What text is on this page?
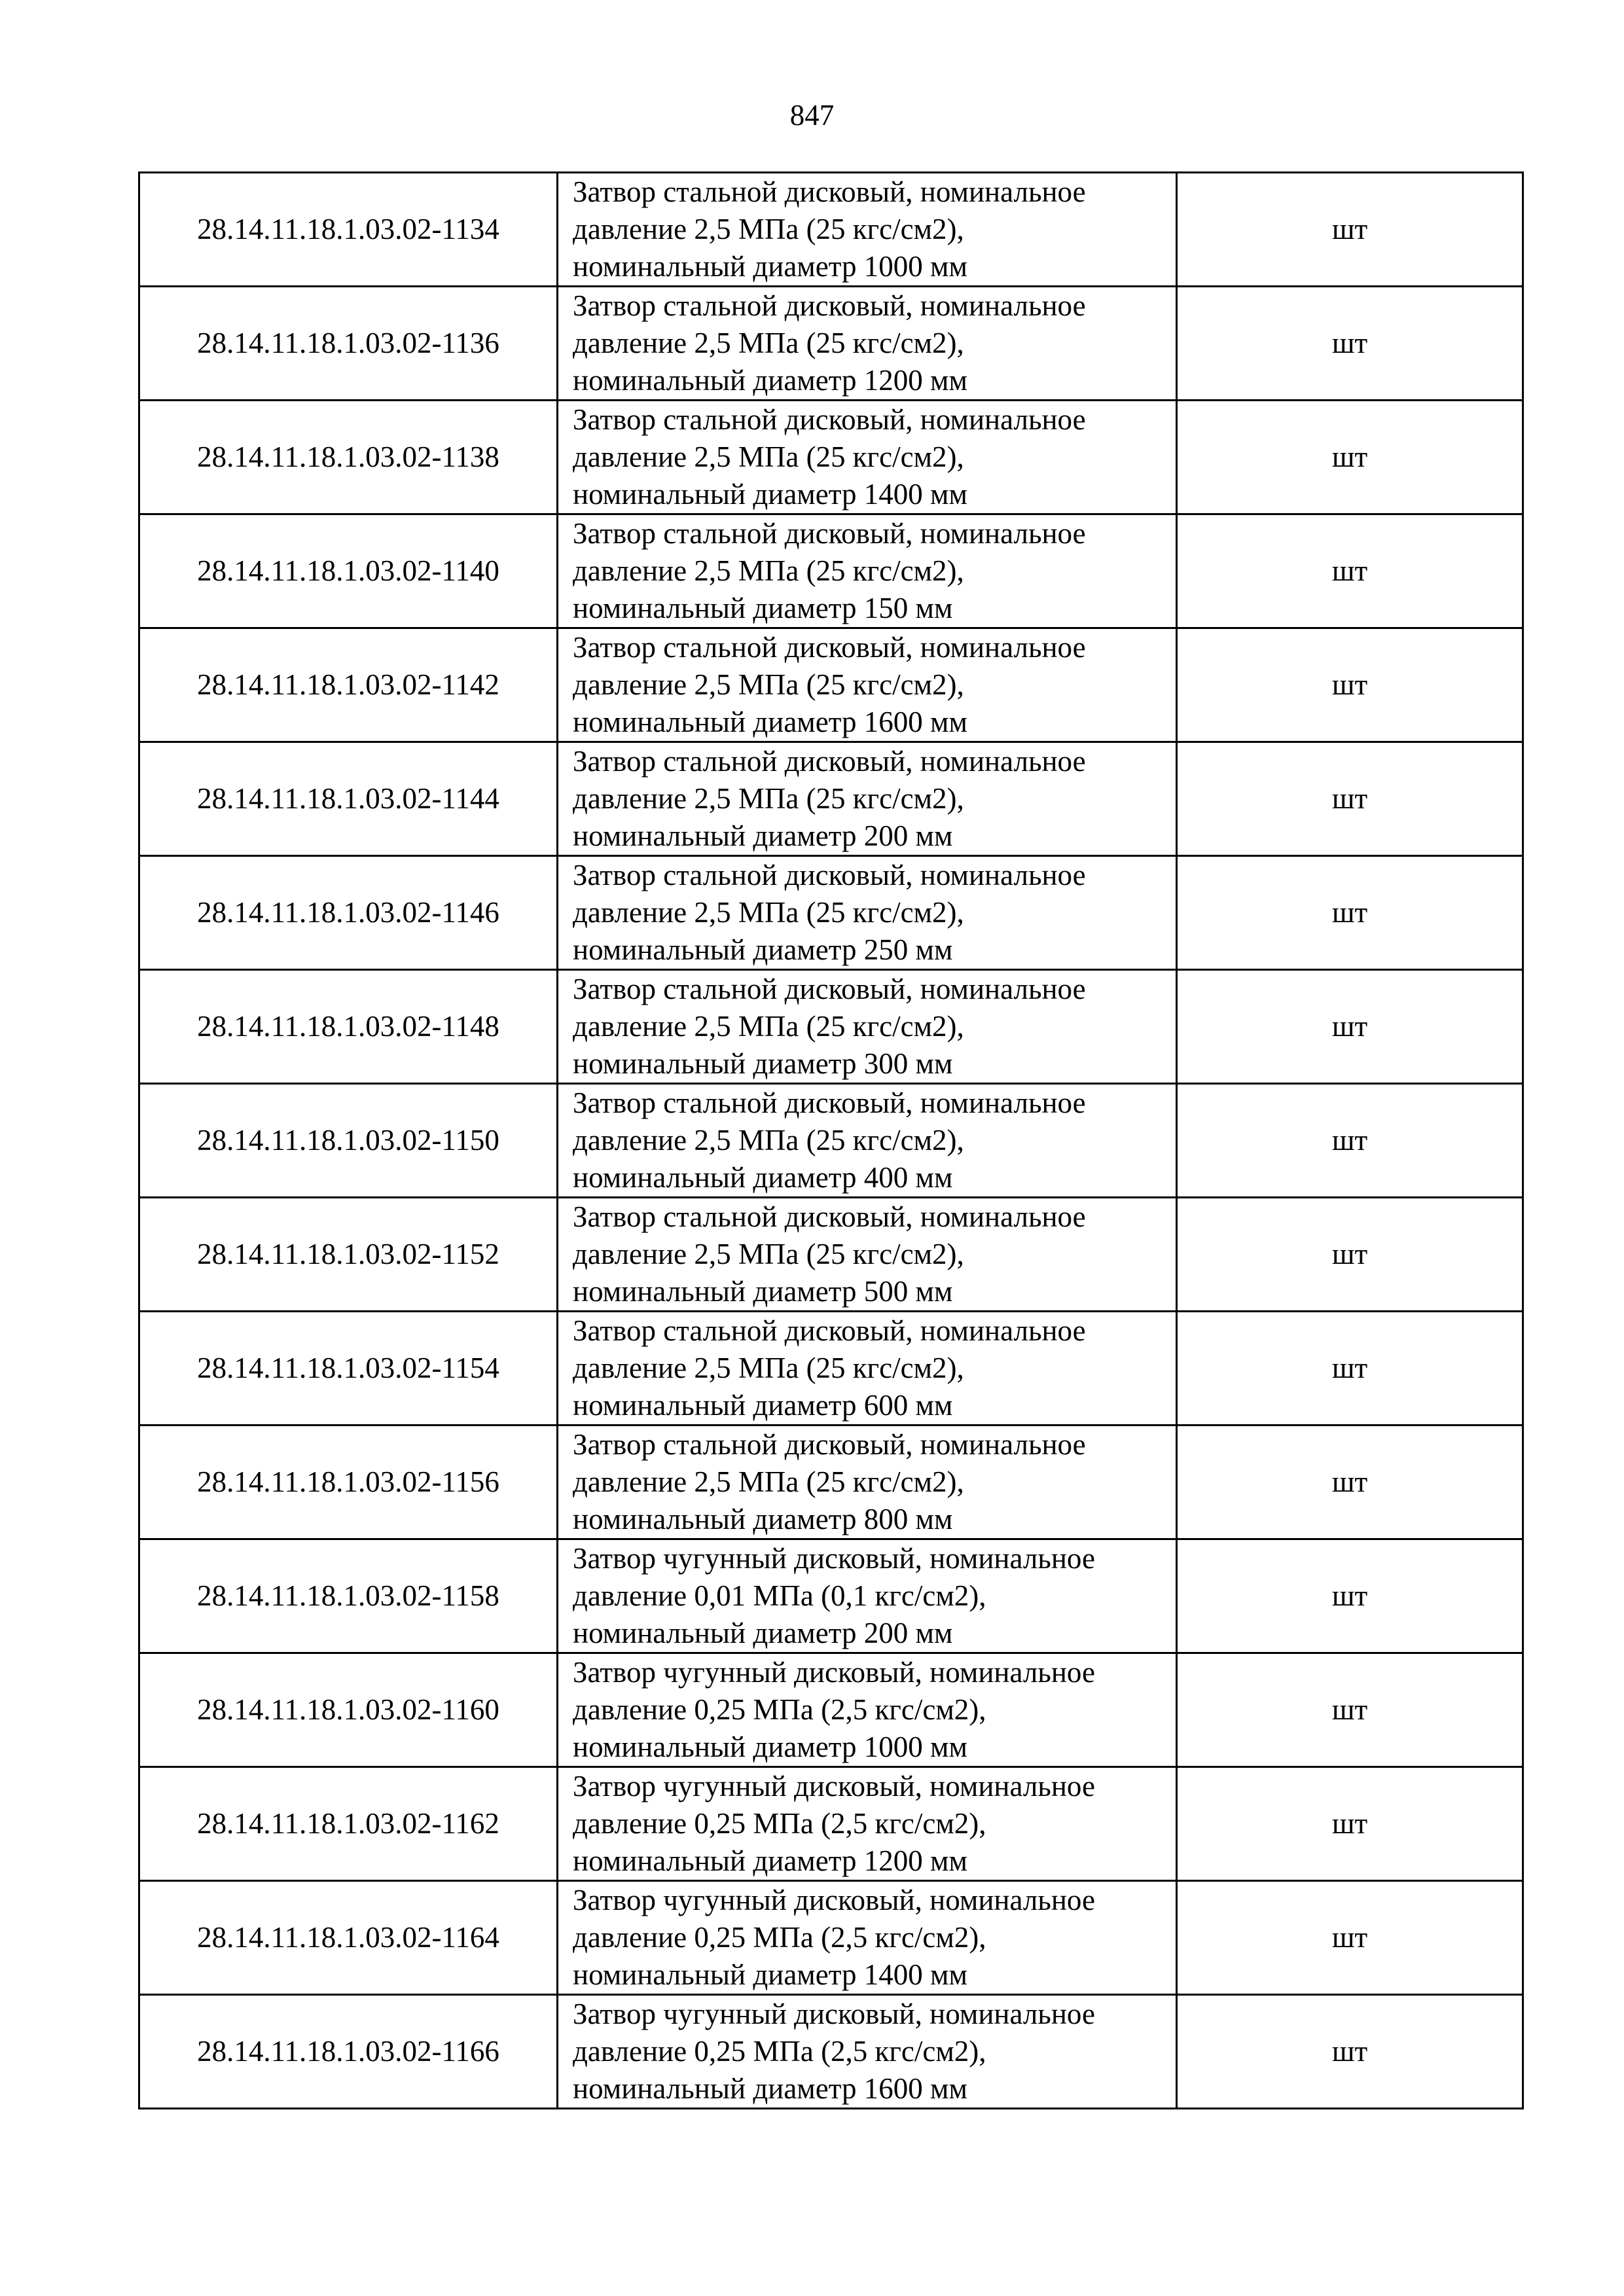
847
28.14.11.18.1.03.02-1134	Затвор стальной дисковый, номинальное
давление 2,5 МПа (25 кгс/см2),
номинальный диаметр 1000 мм	шт
28.14.11.18.1.03.02-1136	Затвор стальной дисковый, номинальное
давление 2,5 МПа (25 кгс/см2),
номинальный диаметр 1200 мм	шт
28.14.11.18.1.03.02-1138	Затвор стальной дисковый, номинальное
давление 2,5 МПа (25 кгс/см2),
номинальный диаметр 1400 мм	шт
28.14.11.18.1.03.02-1140	Затвор стальной дисковый, номинальное
давление 2,5 МПа (25 кгс/см2),
номинальный диаметр 150 мм	шт
28.14.11.18.1.03.02-1142	Затвор стальной дисковый, номинальное
давление 2,5 МПа (25 кгс/см2),
номинальный диаметр 1600 мм	шт
28.14.11.18.1.03.02-1144	Затвор стальной дисковый, номинальное
давление 2,5 МПа (25 кгс/см2),
номинальный диаметр 200 мм	шт
28.14.11.18.1.03.02-1146	Затвор стальной дисковый, номинальное
давление 2,5 МПа (25 кгс/см2),
номинальный диаметр 250 мм	шт
28.14.11.18.1.03.02-1148	Затвор стальной дисковый, номинальное
давление 2,5 МПа (25 кгс/см2),
номинальный диаметр 300 мм	шт
28.14.11.18.1.03.02-1150	Затвор стальной дисковый, номинальное
давление 2,5 МПа (25 кгс/см2),
номинальный диаметр 400 мм	шт
28.14.11.18.1.03.02-1152	Затвор стальной дисковый, номинальное
давление 2,5 МПа (25 кгс/см2),
номинальный диаметр 500 мм	шт
28.14.11.18.1.03.02-1154	Затвор стальной дисковый, номинальное
давление 2,5 МПа (25 кгс/см2),
номинальный диаметр 600 мм	шт
28.14.11.18.1.03.02-1156	Затвор стальной дисковый, номинальное
давление 2,5 МПа (25 кгс/см2),
номинальный диаметр 800 мм	шт
28.14.11.18.1.03.02-1158	Затвор чугунный дисковый, номинальное
давление 0,01 МПа (0,1 кгс/см2),
номинальный диаметр 200 мм	шт
28.14.11.18.1.03.02-1160	Затвор чугунный дисковый, номинальное
давление 0,25 МПа (2,5 кгс/см2),
номинальный диаметр 1000 мм	шт
28.14.11.18.1.03.02-1162	Затвор чугунный дисковый, номинальное
давление 0,25 МПа (2,5 кгс/см2),
номинальный диаметр 1200 мм	шт
28.14.11.18.1.03.02-1164	Затвор чугунный дисковый, номинальное
давление 0,25 МПа (2,5 кгс/см2),
номинальный диаметр 1400 мм	шт
28.14.11.18.1.03.02-1166	Затвор чугунный дисковый, номинальное
давление 0,25 МПа (2,5 кгс/см2),
номинальный диаметр 1600 мм	шт
